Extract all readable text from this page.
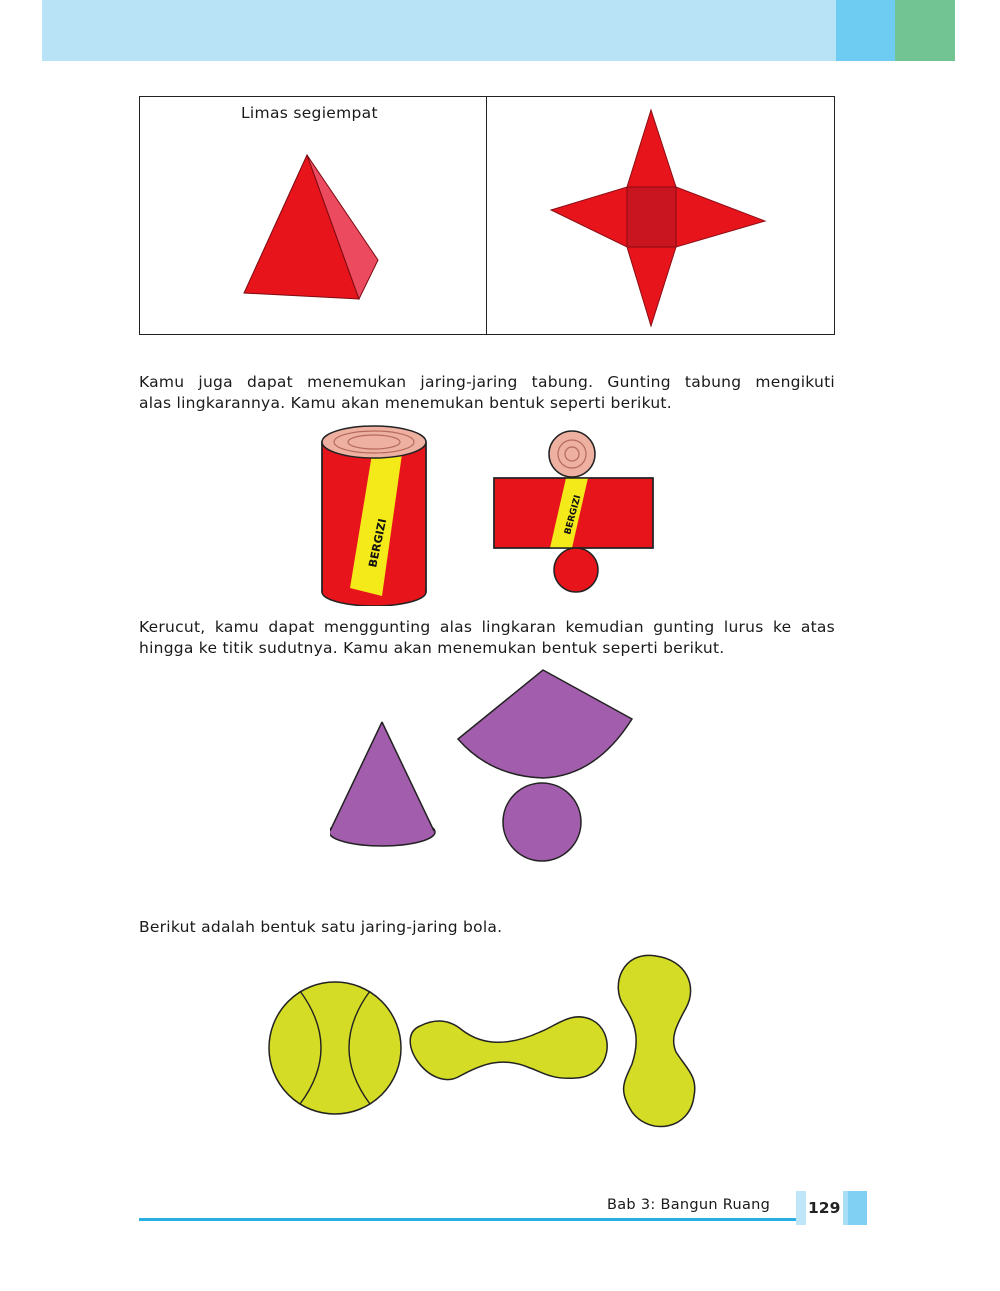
Limas segiempat

Kamu juga dapat menemukan jaring-jaring tabung. Gunting tabung mengikuti
alas lingkarannya. Kamu akan menemukan bentuk seperti berikut.

BERGIZI
BERGIZI

Kerucut, kamu dapat menggunting alas lingkaran kemudian gunting lurus ke atas
hingga ke titik sudutnya. Kamu akan menemukan bentuk seperti berikut.

Berikut adalah bentuk satu jaring-jaring bola.

Bab 3: Bangun Ruang 129
